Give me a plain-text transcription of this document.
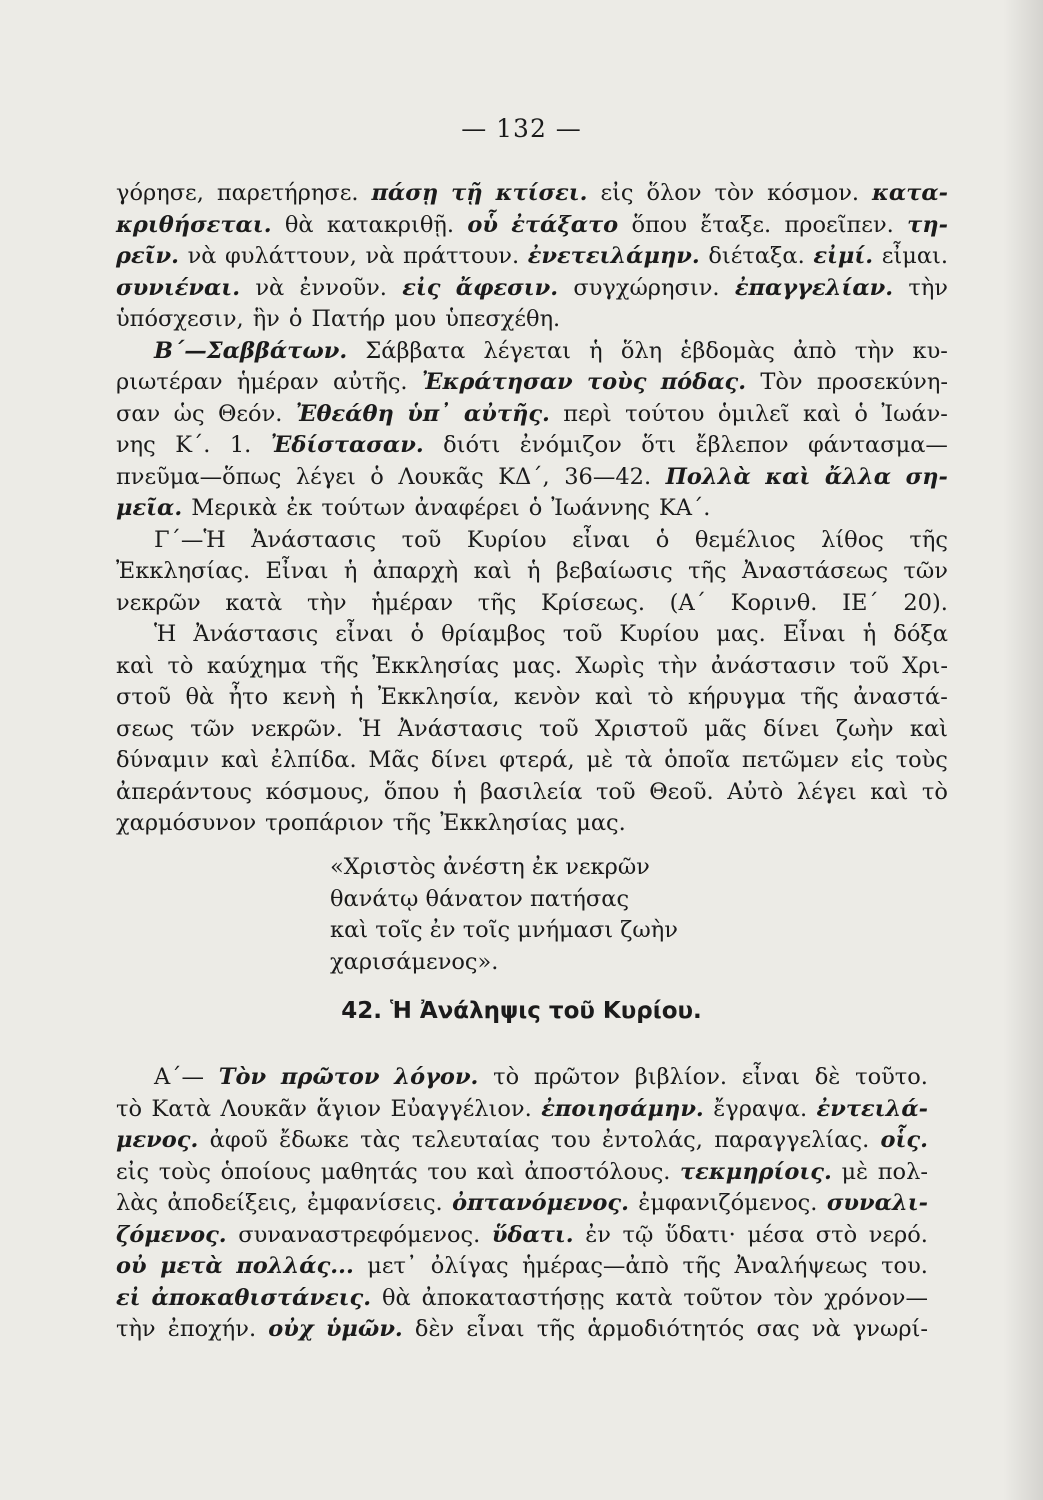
— 132 —
γόρησε, παρετήρησε. πάσῃ τῇ κτίσει. εἰς ὅλον τὸν κόσμον. κατα-
κριθήσεται. θὰ κατακριθῇ. οὗ ἐτάξατο ὅπου ἔταξε. προεῖπεν. τη-
ρεῖν. νὰ φυλάττουν, νὰ πράττουν. ἐνετειλάμην. διέταξα. εἰμί. εἶμαι.
συνιέναι. νὰ ἐννοῦν. εἰς ἄφεσιν. συγχώρησιν. ἐπαγγελίαν. τὴν
ὑπόσχεσιν, ἣν ὁ Πατήρ μου ὑπεσχέθη.
Β΄—Σαββάτων. Σάββατα λέγεται ἡ ὅλη ἑβδομὰς ἀπὸ τὴν κυ-
ριωτέραν ἡμέραν αὐτῆς. Ἐκράτησαν τοὺς πόδας. Τὸν προσεκύνη-
σαν ὡς Θεόν. Ἐθεάθη ὑπ᾽ αὐτῆς. περὶ τούτου ὁμιλεῖ καὶ ὁ Ἰωάν-
νης Κ΄. 1. Ἐδίστασαν. διότι ἐνόμιζον ὅτι ἔβλεπον φάντασμα—
πνεῦμα—ὅπως λέγει ὁ Λουκᾶς ΚΔ΄, 36—42. Πολλὰ καὶ ἄλλα ση-
μεῖα. Μερικὰ ἐκ τούτων ἀναφέρει ὁ Ἰωάννης ΚΑ΄.
Γ΄—Ἡ Ἀνάστασις τοῦ Κυρίου εἶναι ὁ θεμέλιος λίθος τῆς
Ἐκκλησίας. Εἶναι ἡ ἀπαρχὴ καὶ ἡ βεβαίωσις τῆς Ἀναστάσεως τῶν
νεκρῶν κατὰ τὴν ἡμέραν τῆς Κρίσεως. (Α΄ Κορινθ. ΙΕ΄ 20).
Ἡ Ἀνάστασις εἶναι ὁ θρίαμβος τοῦ Κυρίου μας. Εἶναι ἡ δόξα
καὶ τὸ καύχημα τῆς Ἐκκλησίας μας. Χωρὶς τὴν ἀνάστασιν τοῦ Χρι-
στοῦ θὰ ἦτο κενὴ ἡ Ἐκκλησία, κενὸν καὶ τὸ κήρυγμα τῆς ἀναστά-
σεως τῶν νεκρῶν. Ἡ Ἀνάστασις τοῦ Χριστοῦ μᾶς δίνει ζωὴν καὶ
δύναμιν καὶ ἐλπίδα. Μᾶς δίνει φτερά, μὲ τὰ ὁποῖα πετῶμεν εἰς τοὺς
ἀπεράντους κόσμους, ὅπου ἡ βασιλεία τοῦ Θεοῦ. Αὐτὸ λέγει καὶ τὸ
χαρμόσυνον τροπάριον τῆς Ἐκκλησίας μας.
«Χριστὸς ἀνέστη ἐκ νεκρῶν
θανάτῳ θάνατον πατήσας
καὶ τοῖς ἐν τοῖς μνήμασι ζωὴν
χαρισάμενος».
42. Ἡ Ἀνάληψις τοῦ Κυρίου.
Α΄— Τὸν πρῶτον λόγον. τὸ πρῶτον βιβλίον. εἶναι δὲ τοῦτο.
τὸ Κατὰ Λουκᾶν ἅγιον Εὐαγγέλιον. ἐποιησάμην. ἔγραψα. ἐντειλά-
μενος. ἀφοῦ ἔδωκε τὰς τελευταίας του ἐντολάς, παραγγελίας. οἷς.
εἰς τοὺς ὁποίους μαθητάς του καὶ ἀποστόλους. τεκμηρίοις. μὲ πολ-
λὰς ἀποδείξεις, ἐμφανίσεις. ὀπτανόμενος. ἐμφανιζόμενος. συναλι-
ζόμενος. συναναστρεφόμενος. ὕδατι. ἐν τῷ ὕδατι· μέσα στὸ νερό.
οὐ μετὰ πολλάς... μετ᾽ ὀλίγας ἡμέρας—ἀπὸ τῆς Ἀναλήψεως του.
εἰ ἀποκαθιστάνεις. θὰ ἀποκαταστήσῃς κατὰ τοῦτον τὸν χρόνον—
τὴν ἐποχήν. οὐχ ὑμῶν. δὲν εἶναι τῆς ἁρμοδιότητός σας νὰ γνωρί-
